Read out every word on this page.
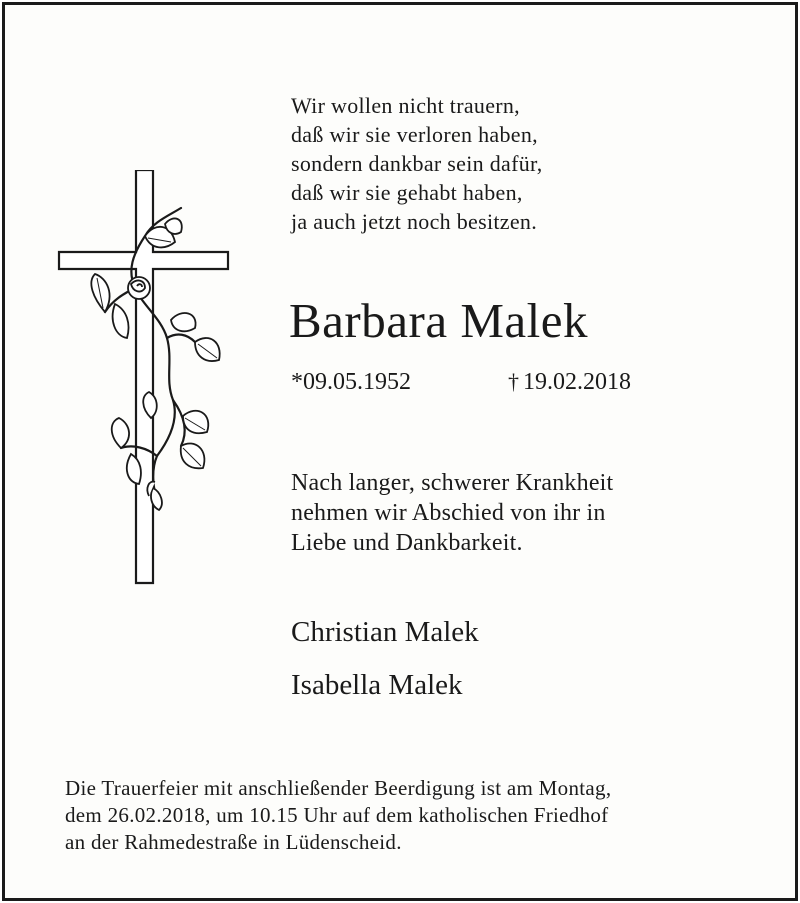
Wir wollen nicht trauern,
daß wir sie verloren haben,
sondern dankbar sein dafür,
daß wir sie gehabt haben,
ja auch jetzt noch besitzen.
Barbara Malek
*09.05.1952	† 19.02.2018
Nach langer, schwerer Krankheit
nehmen wir Abschied von ihr in
Liebe und Dankbarkeit.
Christian Malek
Isabella Malek
Die Trauerfeier mit anschließender Beerdigung ist am Montag,
dem 26.02.2018, um 10.15 Uhr auf dem katholischen Friedhof
an der Rahmedestraße in Lüdenscheid.
